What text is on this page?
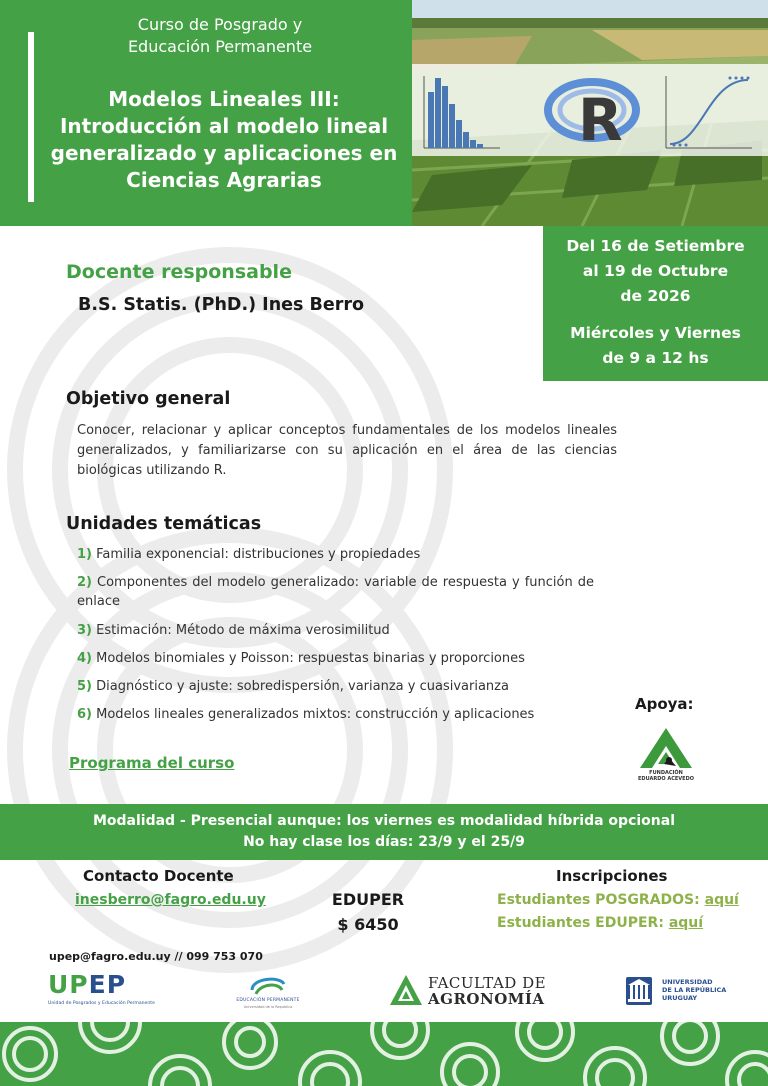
Curso de Posgrado y
Educación Permanente
Modelos Lineales III: Introducción al modelo lineal generalizado y aplicaciones en Ciencias Agrarias
R
Del 16 de Setiembre
al 19 de Octubre
de 2026
Miércoles y Viernes
de 9 a 12 hs
Docente responsable
B.S. Statis. (PhD.) Ines Berro
Objetivo general

Conocer, relacionar y aplicar conceptos fundamentales de los modelos lineales generalizados, y familiarizarse con su aplicación en el área de las ciencias biológicas utilizando R.

Unidades temáticas
1) Familia exponencial: distribuciones y propiedades
2) Componentes del modelo generalizado: variable de respuesta y función de enlace
3) Estimación: Método de máxima verosimilitud
4) Modelos binomiales y Poisson: respuestas binarias y proporciones
5) Diagnóstico y ajuste: sobredispersión, varianza y cuasivarianza
6) Modelos lineales generalizados mixtos: construcción y aplicaciones
Programa del curso
Apoya:
FUNDACIÓN
EDUARDO ACEVEDO
Modalidad - Presencial aunque: los viernes es modalidad híbrida opcional
No hay clase los días: 23/9 y el 25/9
Contacto Docente
inesberro@fagro.edu.uy	EDUPER
$ 6450
Inscripciones
Estudiantes POSGRADOS: aquí
Estudiantes EDUPER: aquí
upep@fagro.edu.uy // 099 753 070
UPEP
Unidad de Posgrados y Educación Permanente
EDUCACIÓN PERMANENTE
Universidad de la República
FACULTAD DE
AGRONOMÍA
UNIVERSIDAD
DE LA REPÚBLICA
URUGUAY
